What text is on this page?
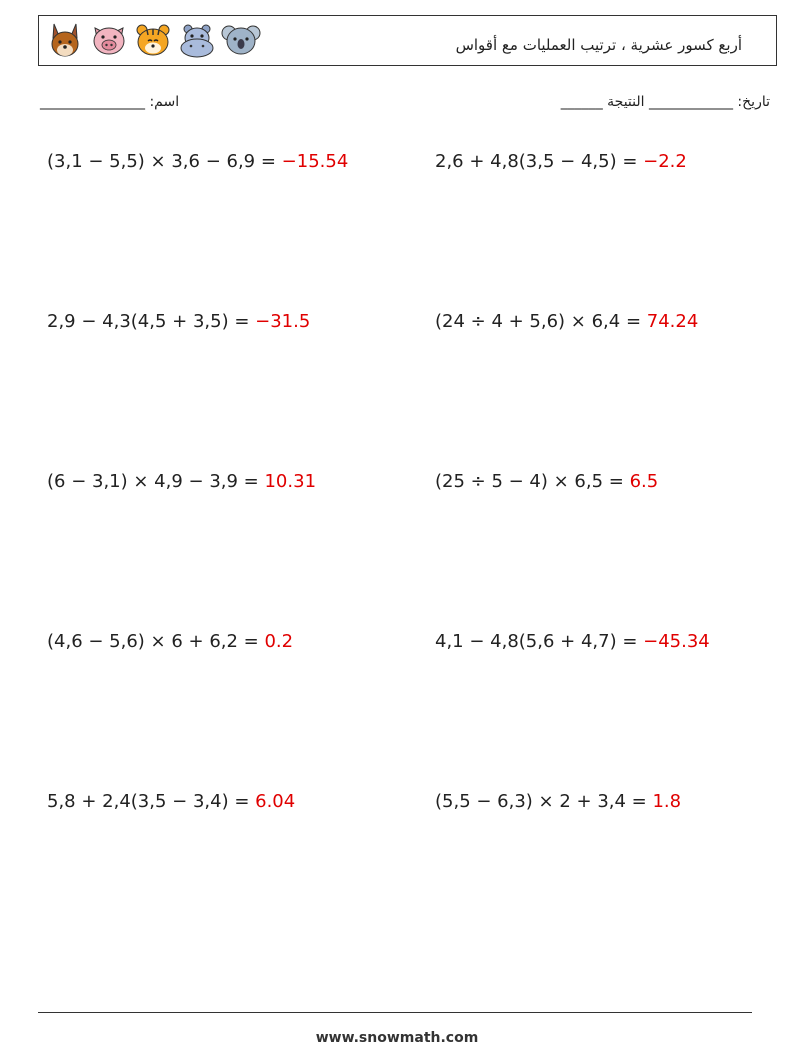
أربع كسور عشرية ، ترتيب العمليات مع أقواس
اسم: _______________	تاريخ: ____________ النتيجة ______
(3,1 − 5,5) × 3,6 − 6,9 = −15.54	2,6 + 4,8(3,5 − 4,5) = −2.2
2,9 − 4,3(4,5 + 3,5) = −31.5	(24 ÷ 4 + 5,6) × 6,4 = 74.24
(6 − 3,1) × 4,9 − 3,9 = 10.31	(25 ÷ 5 − 4) × 6,5 = 6.5
(4,6 − 5,6) × 6 + 6,2 = 0.2	4,1 − 4,8(5,6 + 4,7) = −45.34
5,8 + 2,4(3,5 − 3,4) = 6.04	(5,5 − 6,3) × 2 + 3,4 = 1.8
www.snowmath.com
